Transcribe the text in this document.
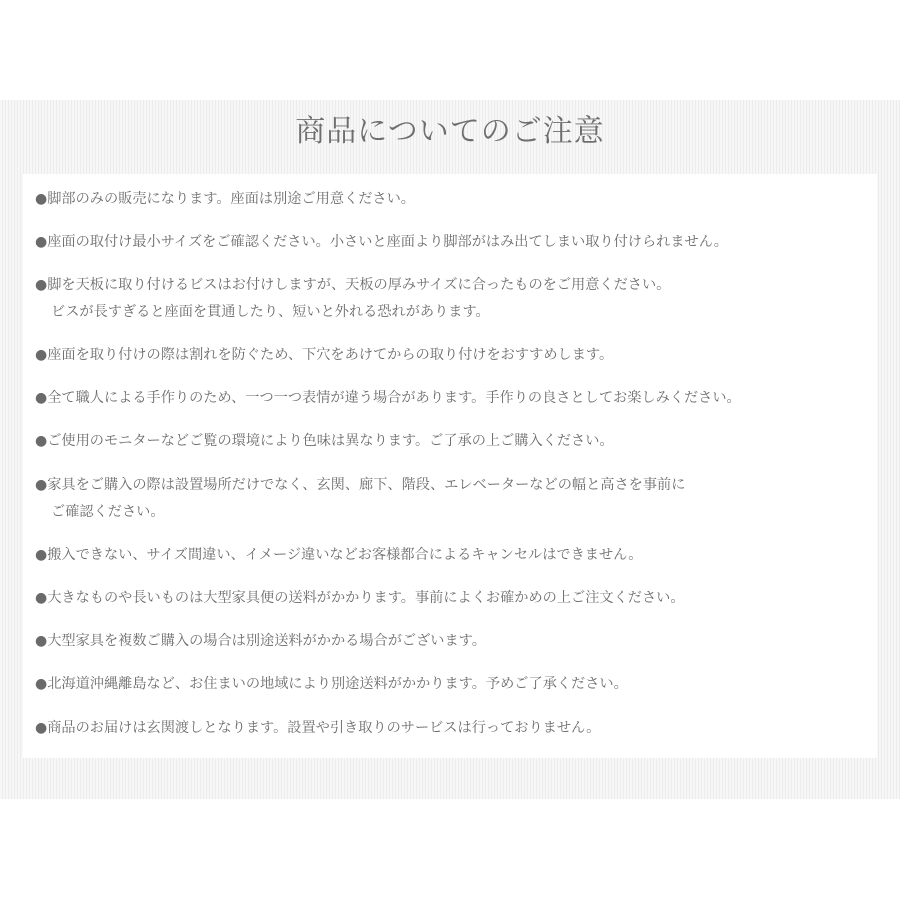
商品についてのご注意
●脚部のみの販売になります。座面は別途ご用意ください。
●座面の取付け最小サイズをご確認ください。小さいと座面より脚部がはみ出てしまい取り付けられません。
●脚を天板に取り付けるビスはお付けしますが、天板の厚みサイズに合ったものをご用意ください。
ビスが長すぎると座面を貫通したり、短いと外れる恐れがあります。
●座面を取り付けの際は割れを防ぐため、下穴をあけてからの取り付けをおすすめします。
●全て職人による手作りのため、一つ一つ表情が違う場合があります。手作りの良さとしてお楽しみください。
●ご使用のモニターなどご覧の環境により色味は異なります。ご了承の上ご購入ください。
●家具をご購入の際は設置場所だけでなく、玄関、廊下、階段、エレベーターなどの幅と高さを事前に
ご確認ください。
●搬入できない、サイズ間違い、イメージ違いなどお客様都合によるキャンセルはできません。
●大きなものや長いものは大型家具便の送料がかかります。事前によくお確かめの上ご注文ください。
●大型家具を複数ご購入の場合は別途送料がかかる場合がございます。
●北海道沖縄離島など、お住まいの地域により別途送料がかかります。予めご了承ください。
●商品のお届けは玄関渡しとなります。設置や引き取りのサービスは行っておりません。
